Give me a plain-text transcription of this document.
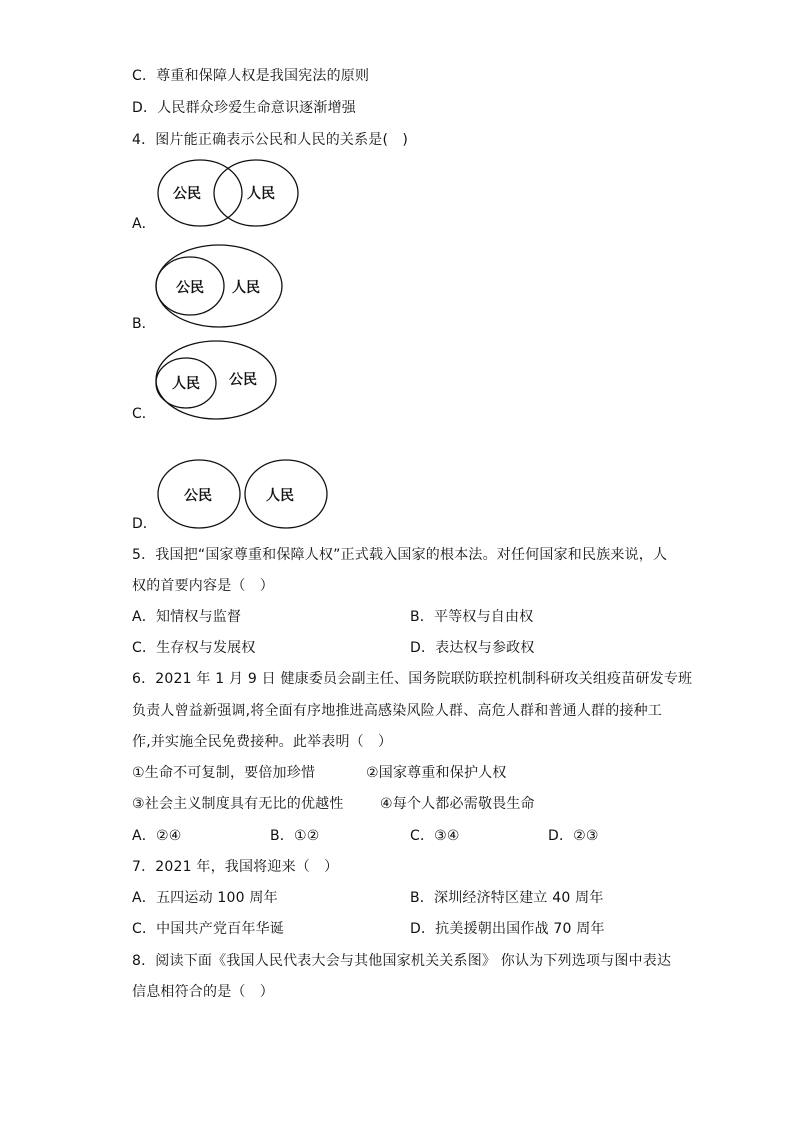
C．尊重和保障人权是我国宪法的原则
D．人民群众珍爱生命意识逐渐增强
4．图片能正确表示公民和人民的关系是(　)
公民	人民
公民 人民
人民 公民
公民	人民
A．
B．
C．
D．
5．我国把“国家尊重和保障人权”正式载入国家的根本法。对任何国家和民族来说，人
权的首要内容是（　）
A．知情权与监督	B．平等权与自由权
C．生存权与发展权	D．表达权与参政权
6．2021 年 1 月 9 日 健康委员会副主任、国务院联防联控机制科研攻关组疫苗研发专班
负责人曾益新强调,将全面有序地推进高感染风险人群、高危人群和普通人群的接种工
作,并实施全民免费接种。此举表明（　）
①生命不可复制，要倍加珍惜	②国家尊重和保护人权
③社会主义制度具有无比的优越性	④每个人都必需敬畏生命
A．②④	B．①②	C．③④	D．②③
7．2021 年，我国将迎来（　）
A．五四运动 100 周年	B．深圳经济特区建立 40 周年
C．中国共产党百年华诞	D．抗美援朝出国作战 70 周年
8．阅读下面《我国人民代表大会与其他国家机关关系图》 你认为下列选项与图中表达
信息相符合的是（　）
